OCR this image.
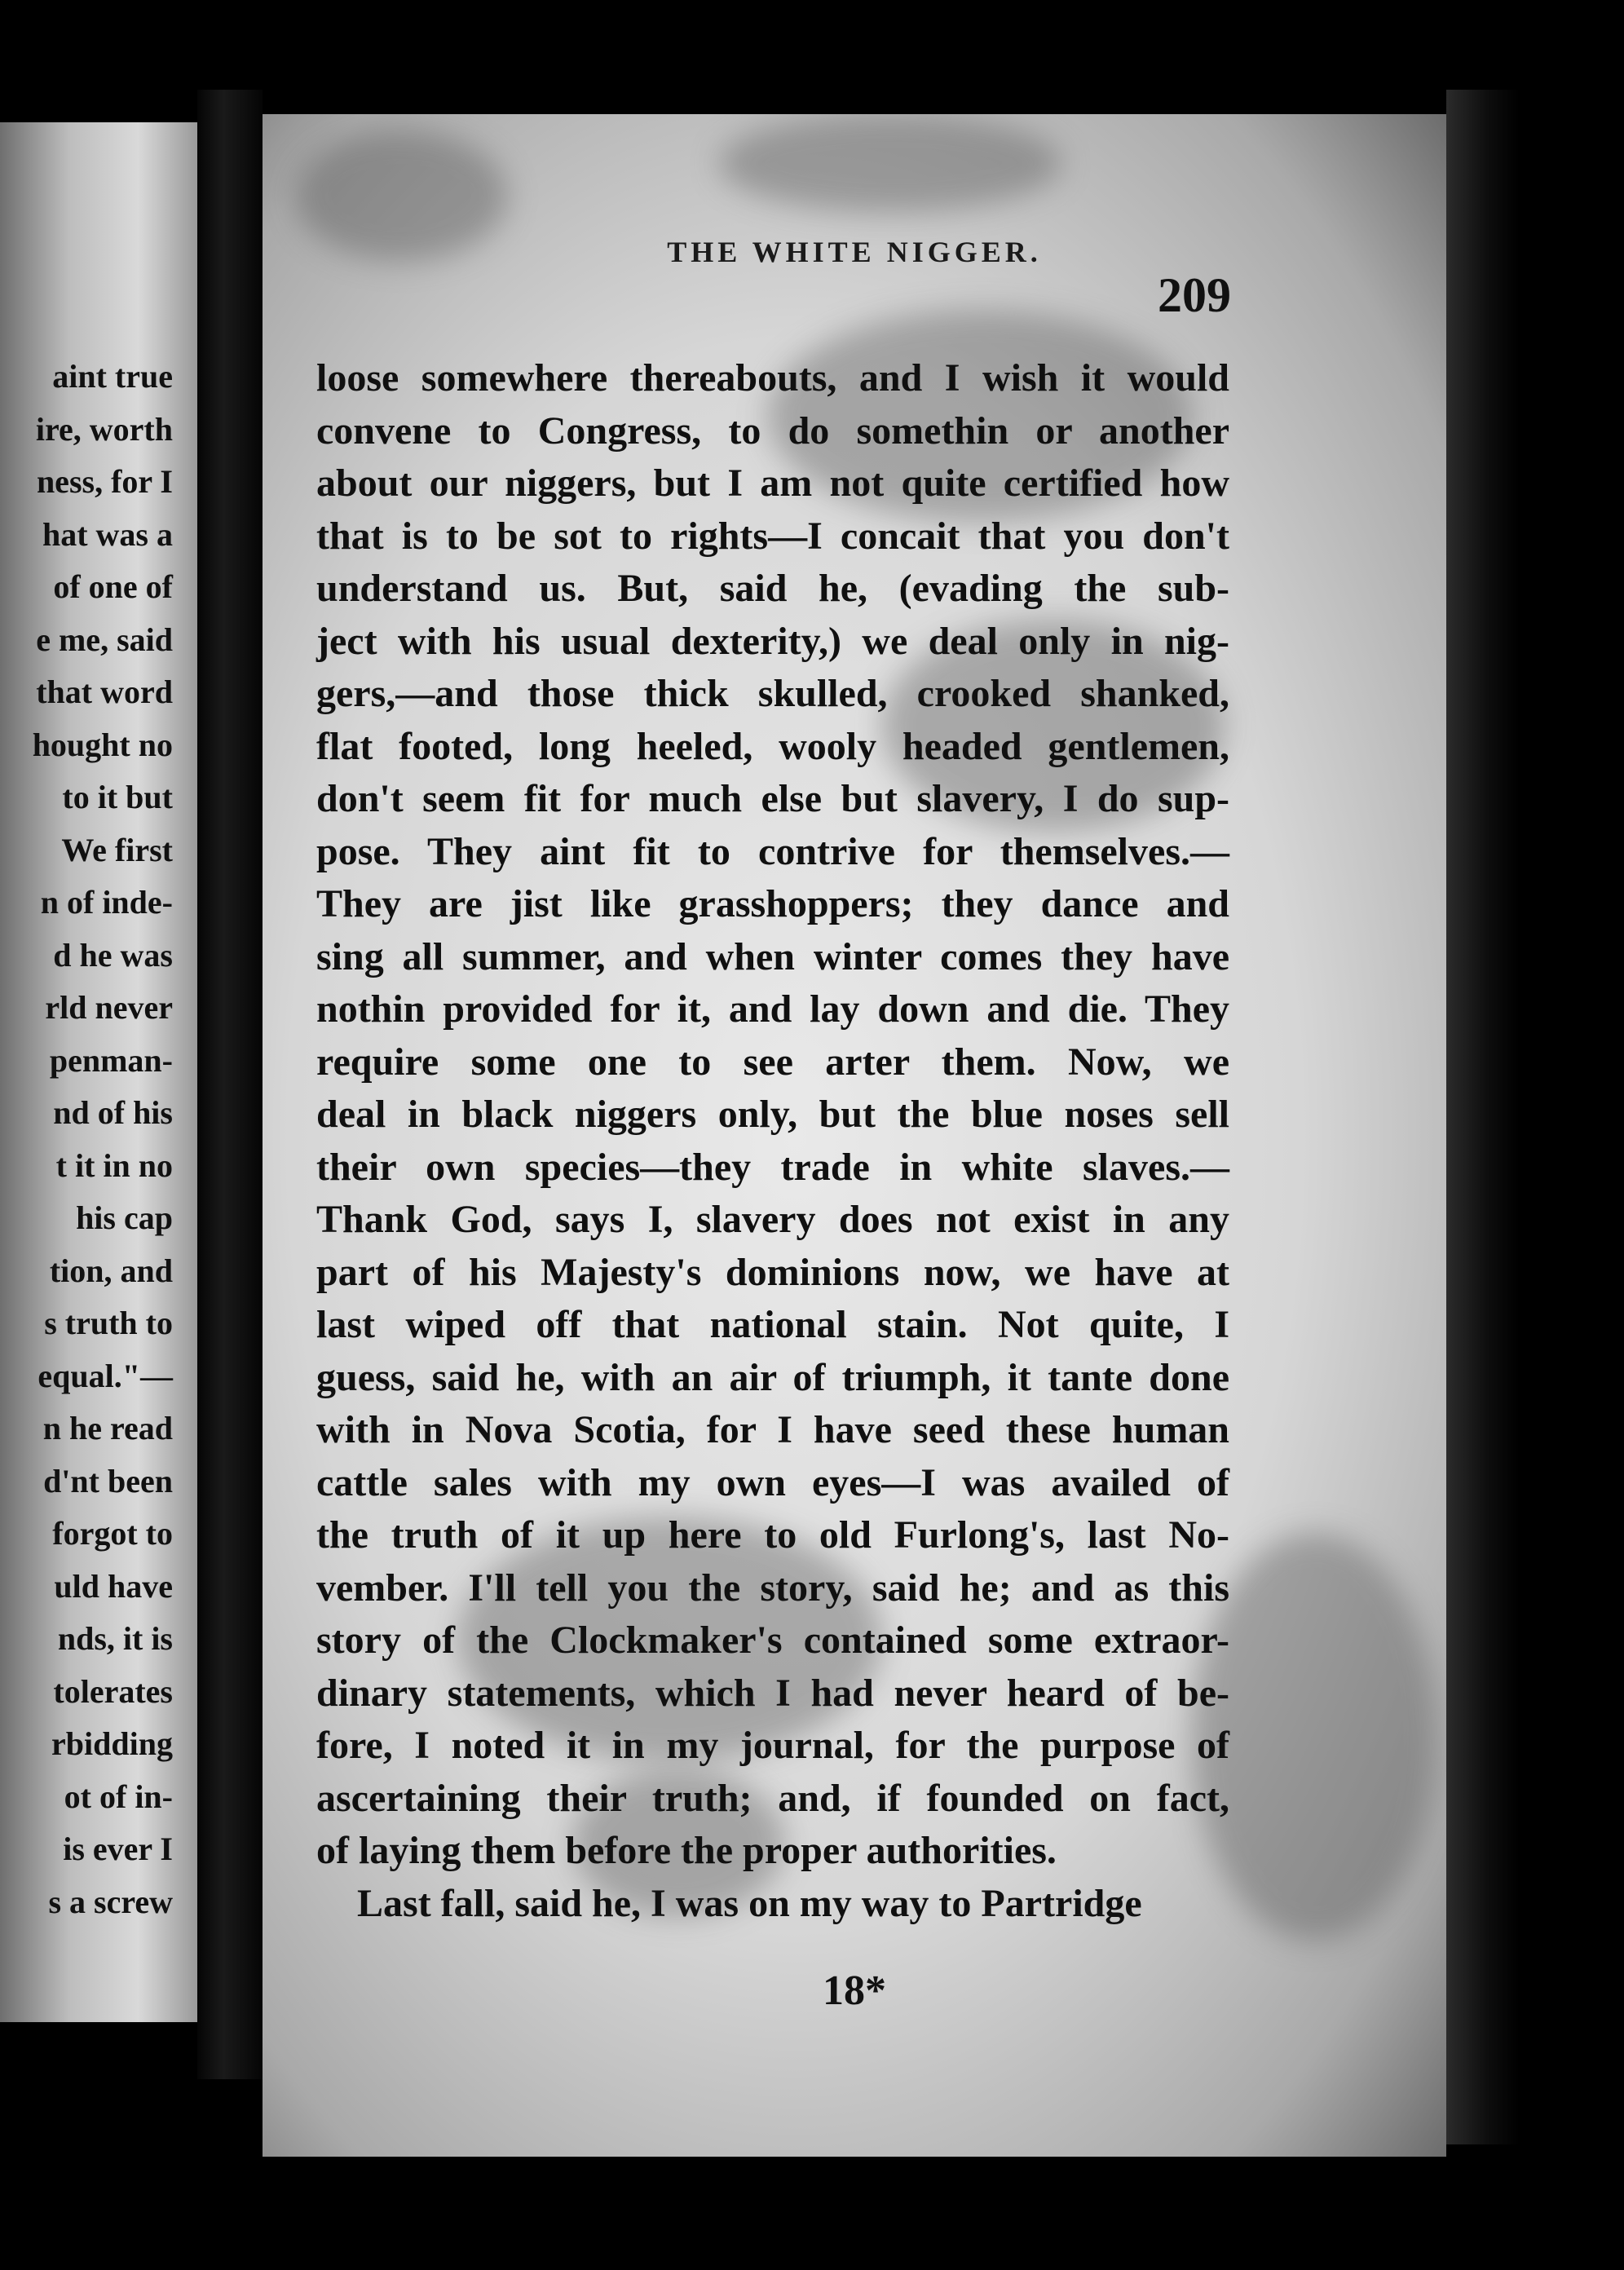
aint true
ire, worth
ness, for I
hat was a
of one of
e me, said
that word
hought no
to it but
We first
n of inde-
d he was
rld never
penman-
nd of his
t it in no
his cap
tion, and
s truth to
equal."—
n he read
d'nt been
forgot to
uld have
nds, it is
tolerates
rbidding
ot of in-
is ever I
s a screw
THE WHITE NIGGER.
209
loose somewhere thereabouts, and I wish it would
convene to Congress, to do somethin or another
about our niggers, but I am not quite certified how
that is to be sot to rights—I concait that you don't
understand us. But, said he, (evading the sub-
ject with his usual dexterity,) we deal only in nig-
gers,—and those thick skulled, crooked shanked,
flat footed, long heeled, wooly headed gentlemen,
don't seem fit for much else but slavery, I do sup-
pose. They aint fit to contrive for themselves.—
They are jist like grasshoppers; they dance and
sing all summer, and when winter comes they have
nothin provided for it, and lay down and die. They
require some one to see arter them. Now, we
deal in black niggers only, but the blue noses sell
their own species—they trade in white slaves.—
Thank God, says I, slavery does not exist in any
part of his Majesty's dominions now, we have at
last wiped off that national stain. Not quite, I
guess, said he, with an air of triumph, it tante done
with in Nova Scotia, for I have seed these human
cattle sales with my own eyes—I was availed of
the truth of it up here to old Furlong's, last No-
vember. I'll tell you the story, said he; and as this
story of the Clockmaker's contained some extraor-
dinary statements, which I had never heard of be-
fore, I noted it in my journal, for the purpose of
ascertaining their truth; and, if founded on fact,
of laying them before the proper authorities.
Last fall, said he, I was on my way to Partridge
18*
